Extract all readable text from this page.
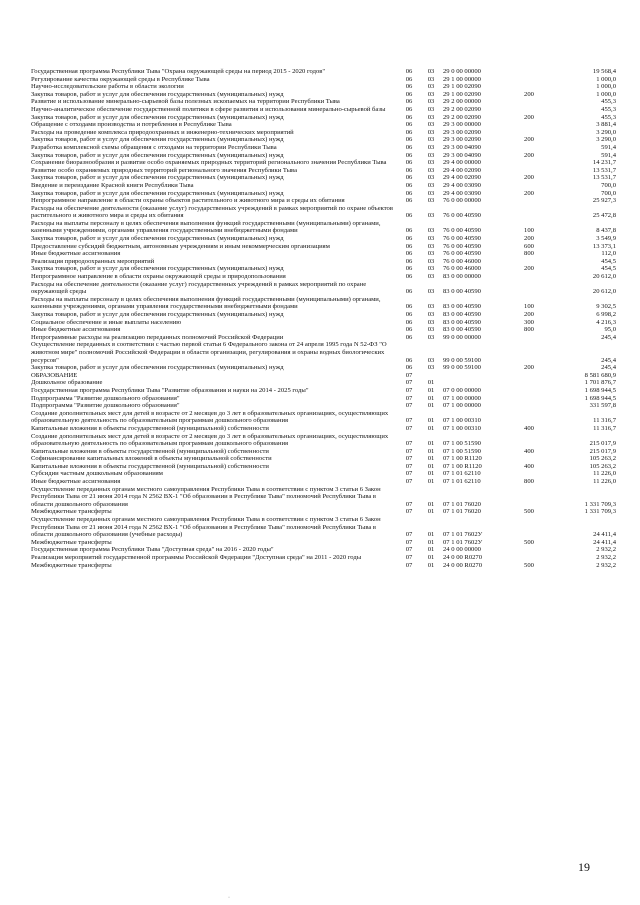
Государственная программа Республики Тыва "Охрана окружающей среды на период 2015 - 2020 годов"	06	03	29 0 00 00000		19 568,4
Регулирование качества окружающей среды в Республике Тыва	06	03	29 1 00 00000		1 000,0
Научно-исследовательские работы в области экологии	06	03	29 1 00 02090		1 000,0
Закупка товаров, работ и услуг для обеспечения государственных (муниципальных) нужд	06	03	29 1 00 02090	200	1 000,0
Развитие и использование минерально-сырьевой базы полезных ископаемых на территории Республики Тыва	06	03	29 2 00 00000		455,3
Научно-аналитическое обеспечение государственной политики в сфере развития и использования минерально-сырьевой базы	06	03	29 2 00 02090		455,3
Закупка товаров, работ и услуг для обеспечения государственных (муниципальных) нужд	06	03	29 2 00 02090	200	455,3
Обращение с отходами производства и потребления в Республике Тыва	06	03	29 3 00 00000		3 881,4
Расходы на проведение комплекса природоохранных и инженерно-технических мероприятий	06	03	29 3 00 02090		3 290,0
Закупка товаров, работ и услуг для обеспечения государственных (муниципальных) нужд	06	03	29 3 00 02090	200	3 290,0
Разработка комплексной схемы обращения с отходами на территории Республики Тыва	06	03	29 3 00 04090		591,4
Закупка товаров, работ и услуг для обеспечения государственных (муниципальных) нужд	06	03	29 3 00 04090	200	591,4
Сохранение биоразнообразия и развитие особо охраняемых природных территорий регионального значения Республики Тыва	06	03	29 4 00 00000		14 231,7
Развитие особо охраняемых природных территорий регионального значения Республики Тыва	06	03	29 4 00 02090		13 531,7
Закупка товаров, работ и услуг для обеспечения государственных (муниципальных) нужд	06	03	29 4 00 02090	200	13 531,7
Введение и переиздание Красной книги Республики Тыва	06	03	29 4 00 03090		700,0
Закупка товаров, работ и услуг для обеспечения государственных (муниципальных) нужд	06	03	29 4 00 03090	200	700,0
Непрограммное направление в области охраны объектов растительного и животного мира и среды их обитания	06	03	76 0 00 00000		25 927,3
Расходы на обеспечение деятельности (оказание услуг) государственных учреждений в рамках мероприятий по охране объектов растительного и животного мира и среды их обитания	06	03	76 0 00 40590		25 472,8
Расходы на выплаты персоналу в целях обеспечения выполнения функций государственными (муниципальными) органами, казенными учреждениями, органами управления государственными внебюджетными фондами	06	03	76 0 00 40590	100	8 437,8
Закупка товаров, работ и услуг для обеспечения государственных (муниципальных) нужд	06	03	76 0 00 40590	200	3 549,9
Предоставление субсидий бюджетным, автономным учреждениям и иным некоммерческим организациям	06	03	76 0 00 40590	600	13 373,1
Иные бюджетные ассигнования	06	03	76 0 00 40590	800	112,0
Реализация природоохранных мероприятий	06	03	76 0 00 46000		454,5
Закупка товаров, работ и услуг для обеспечения государственных (муниципальных) нужд	06	03	76 0 00 46000	200	454,5
Непрограммное направление в области охраны окружающей среды и природопользования	06	03	83 0 00 00000		20 612,0
Расходы на обеспечение деятельности (оказание услуг) государственных учреждений в рамках мероприятий по охране окружающей среды	06	03	83 0 00 40590		20 612,0
Расходы на выплаты персоналу в целях обеспечения выполнения функций государственными (муниципальными) органами, казенными учреждениями, органами управления государственными внебюджетными фондами	06	03	83 0 00 40590	100	9 302,5
Закупка товаров, работ и услуг для обеспечения государственных (муниципальных) нужд	06	03	83 0 00 40590	200	6 998,2
Социальное обеспечение и иные выплаты населению	06	03	83 0 00 40590	300	4 216,3
Иные бюджетные ассигнования	06	03	83 0 00 40590	800	95,0
Непрограммные расходы на реализацию переданных полномочий Российской Федерации	06	03	99 0 00 00000		245,4
Осуществление переданных в соответствии с частью первой статьи 6 Федерального закона от 24 апреля 1995 года N 52-ФЗ "О животном мире" полномочий Российской Федерации в области организации, регулирования и охраны водных биологических ресурсов"	06	03	99 0 00 59100		245,4
Закупка товаров, работ и услуг для обеспечения государственных (муниципальных) нужд	06	03	99 0 00 59100	200	245,4
ОБРАЗОВАНИЕ	07				8 581 680,9
Дошкольное образование	07	01			1 701 876,7
Государственная программа Республики Тыва "Развитие образования и науки на 2014 - 2025 годы"	07	01	07 0 00 00000		1 698 944,5
Подпрограмма "Развитие дошкольного образования"	07	01	07 1 00 00000		1 698 944,5
Подпрограмма "Развитие дошкольного образования"	07	01	07 1 00 00000		331 597,8
Создание дополнительных мест для детей в возрасте от 2 месяцев до 3 лет в образовательных организациях, осуществляющих образовательную деятельность по образовательным программам дошкольного образования	07	01	07 1 00 00310		11 316,7
Капитальные вложения в объекты государственной (муниципальной) собственности	07	01	07 1 00 00310	400	11 316,7
Создание дополнительных мест для детей в возрасте от 2 месяцев до 3 лет в образовательных организациях, осуществляющих образовательную деятельность по образовательным программам дошкольного образования	07	01	07 1 00 51590		215 017,9
Капитальные вложения в объекты государственной (муниципальной) собственности	07	01	07 1 00 51590	400	215 017,9
Софинансирование капитальных вложений в объекты муниципальной собственности	07	01	07 1 00 R1120		105 263,2
Капитальные вложения в объекты государственной (муниципальной) собственности	07	01	07 1 00 R1120	400	105 263,2
Субсидии частным дошкольным образованиям	07	01	07 1 01 62110		11 226,0
Иные бюджетные ассигнования	07	01	07 1 01 62110	800	11 226,0
Осуществление переданных органам местного самоуправления Республики Тыва в соответствии с пунктом 3 статьи 6 Закон Республики Тыва от 21 июня 2014 года N 2562 ВХ-1 "Об образовании в Республике Тыва" полномочий Республики Тыва в области дошкольного образования	07	01	07 1 01 76020		1 331 709,3
Межбюджетные трансферты	07	01	07 1 01 76020	500	1 331 709,3
Осуществление переданных органам местного самоуправления Республики Тыва в соответствии с пунктом 3 статьи 6 Закон Республики Тыва от 21 июня 2014 года N 2562 ВХ-1 "Об образовании в Республике Тыва" полномочий Республики Тыва в области дошкольного образования (учебные расходы)	07	01	07 1 01 7602У		24 411,4
Межбюджетные трансферты	07	01	07 1 01 7602У	500	24 411,4
Государственная программа Республики Тыва "Доступная среда" на 2016 - 2020 годы"	07	01	24 0 00 00000		2 932,2
Реализация мероприятий государственной программы Российской Федерации "Доступная среда" на 2011 - 2020 годы	07	01	24 0 00 R0270		2 932,2
Межбюджетные трансферты	07	01	24 0 00 R0270	500	2 932,2
19
·
